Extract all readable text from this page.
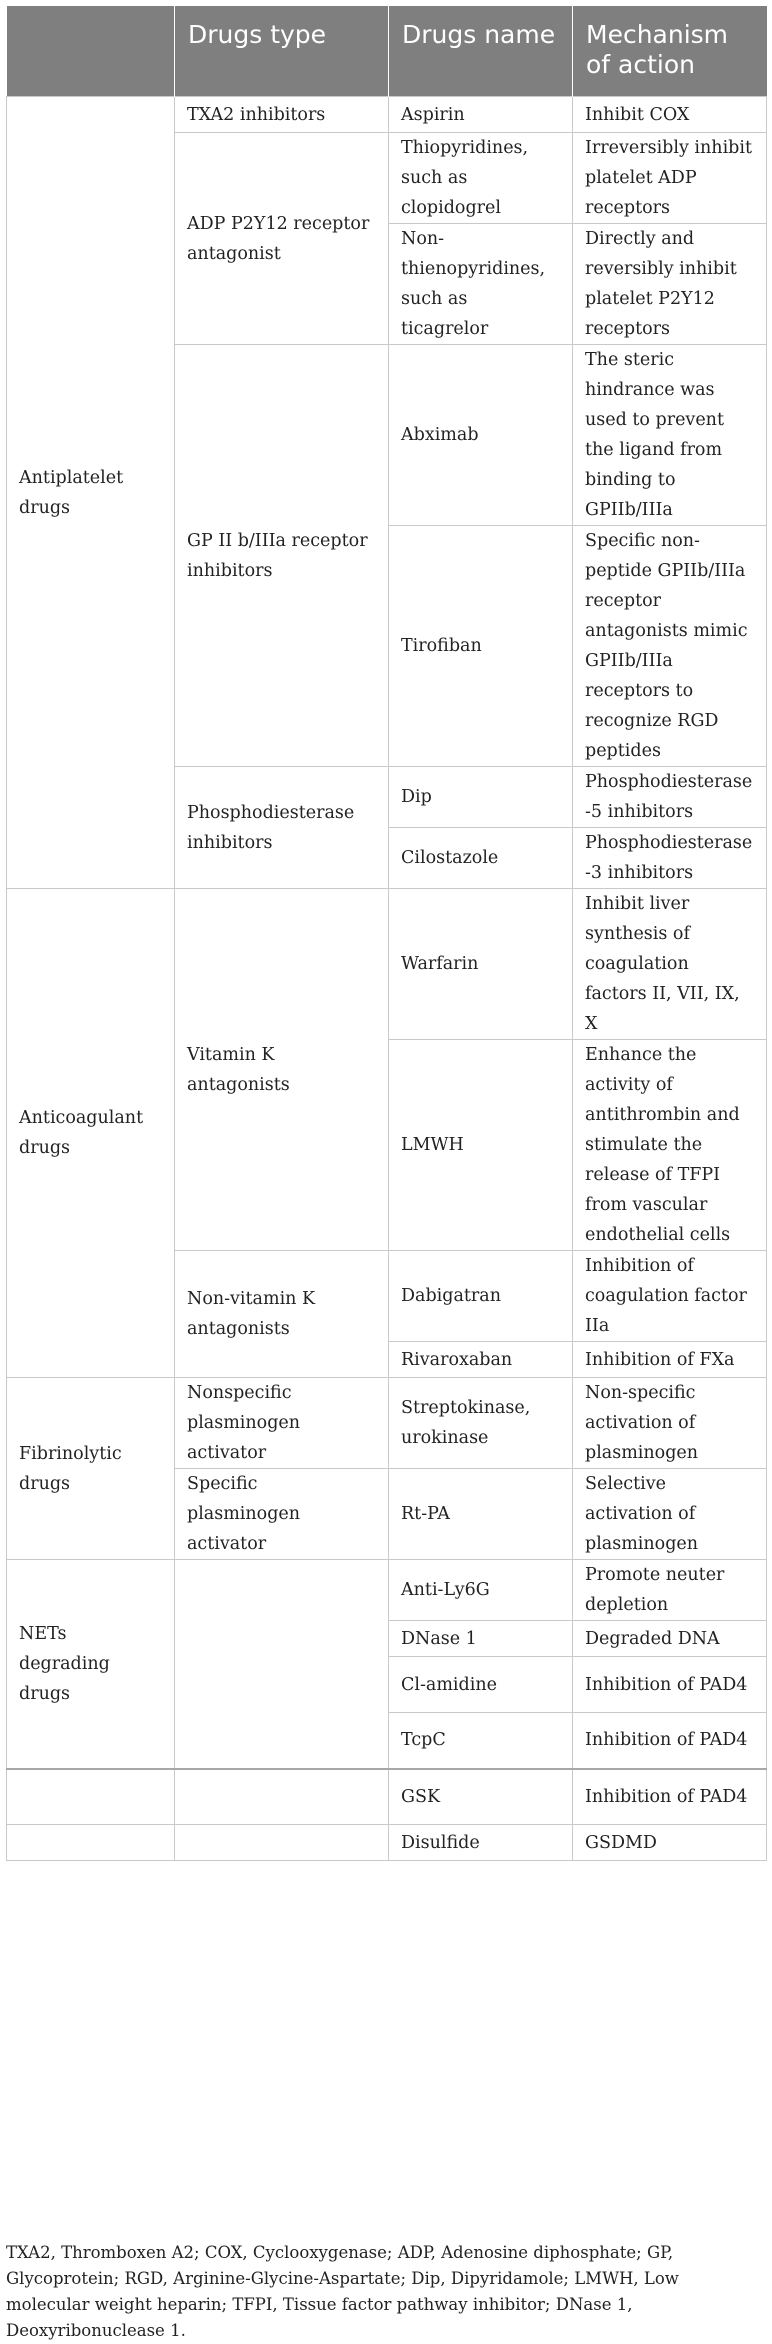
	Drugs type	Drugs name	Mechanism of action
Antiplatelet drugs	TXA2 inhibitors	Aspirin	Inhibit COX
	ADP P2Y12 receptor antagonist	Thiopyridines, such as clopidogrel	Irreversibly inhibit platelet ADP receptors
		Non-thienopyridines, such as ticagrelor	Directly and reversibly inhibit platelet P2Y12 receptors
	GP II b/IIIa receptor inhibitors	Abximab	The steric hindrance was used to prevent the ligand from binding to GPIIb/IIIa
		Tirofiban	Specific non-peptide GPIIb/IIIa receptor antagonists mimic GPIIb/IIIa receptors to recognize RGD peptides
	Phosphodiesterase inhibitors	Dip	Phosphodiesterase-5 inhibitors
		Cilostazole	Phosphodiesterase-3 inhibitors
Anticoagulant drugs	Vitamin K antagonists	Warfarin	Inhibit liver synthesis of coagulation factors II, VII, IX, X
		LMWH	Enhance the activity of antithrombin and stimulate the release of TFPI from vascular endothelial cells
	Non-vitamin K antagonists	Dabigatran	Inhibition of coagulation factor IIa
		Rivaroxaban	Inhibition of FXa
Fibrinolytic drugs	Nonspecific plasminogen activator	Streptokinase, urokinase	Non-specific activation of plasminogen
	Specific plasminogen activator	Rt-PA	Selective activation of plasminogen
NETs degrading drugs		Anti-Ly6G	Promote neuter depletion
		DNase 1	Degraded DNA
		Cl-amidine	Inhibition of PAD4
		TcpC	Inhibition of PAD4
		GSK	Inhibition of PAD4
		Disulfide	GSDMD
TXA2, Thromboxen A2; COX, Cyclooxygenase; ADP, Adenosine diphosphate; GP,
Glycoprotein; RGD, Arginine-Glycine-Aspartate; Dip, Dipyridamole; LMWH, Low
molecular weight heparin; TFPI, Tissue factor pathway inhibitor; DNase 1,
Deoxyribonuclease 1.
